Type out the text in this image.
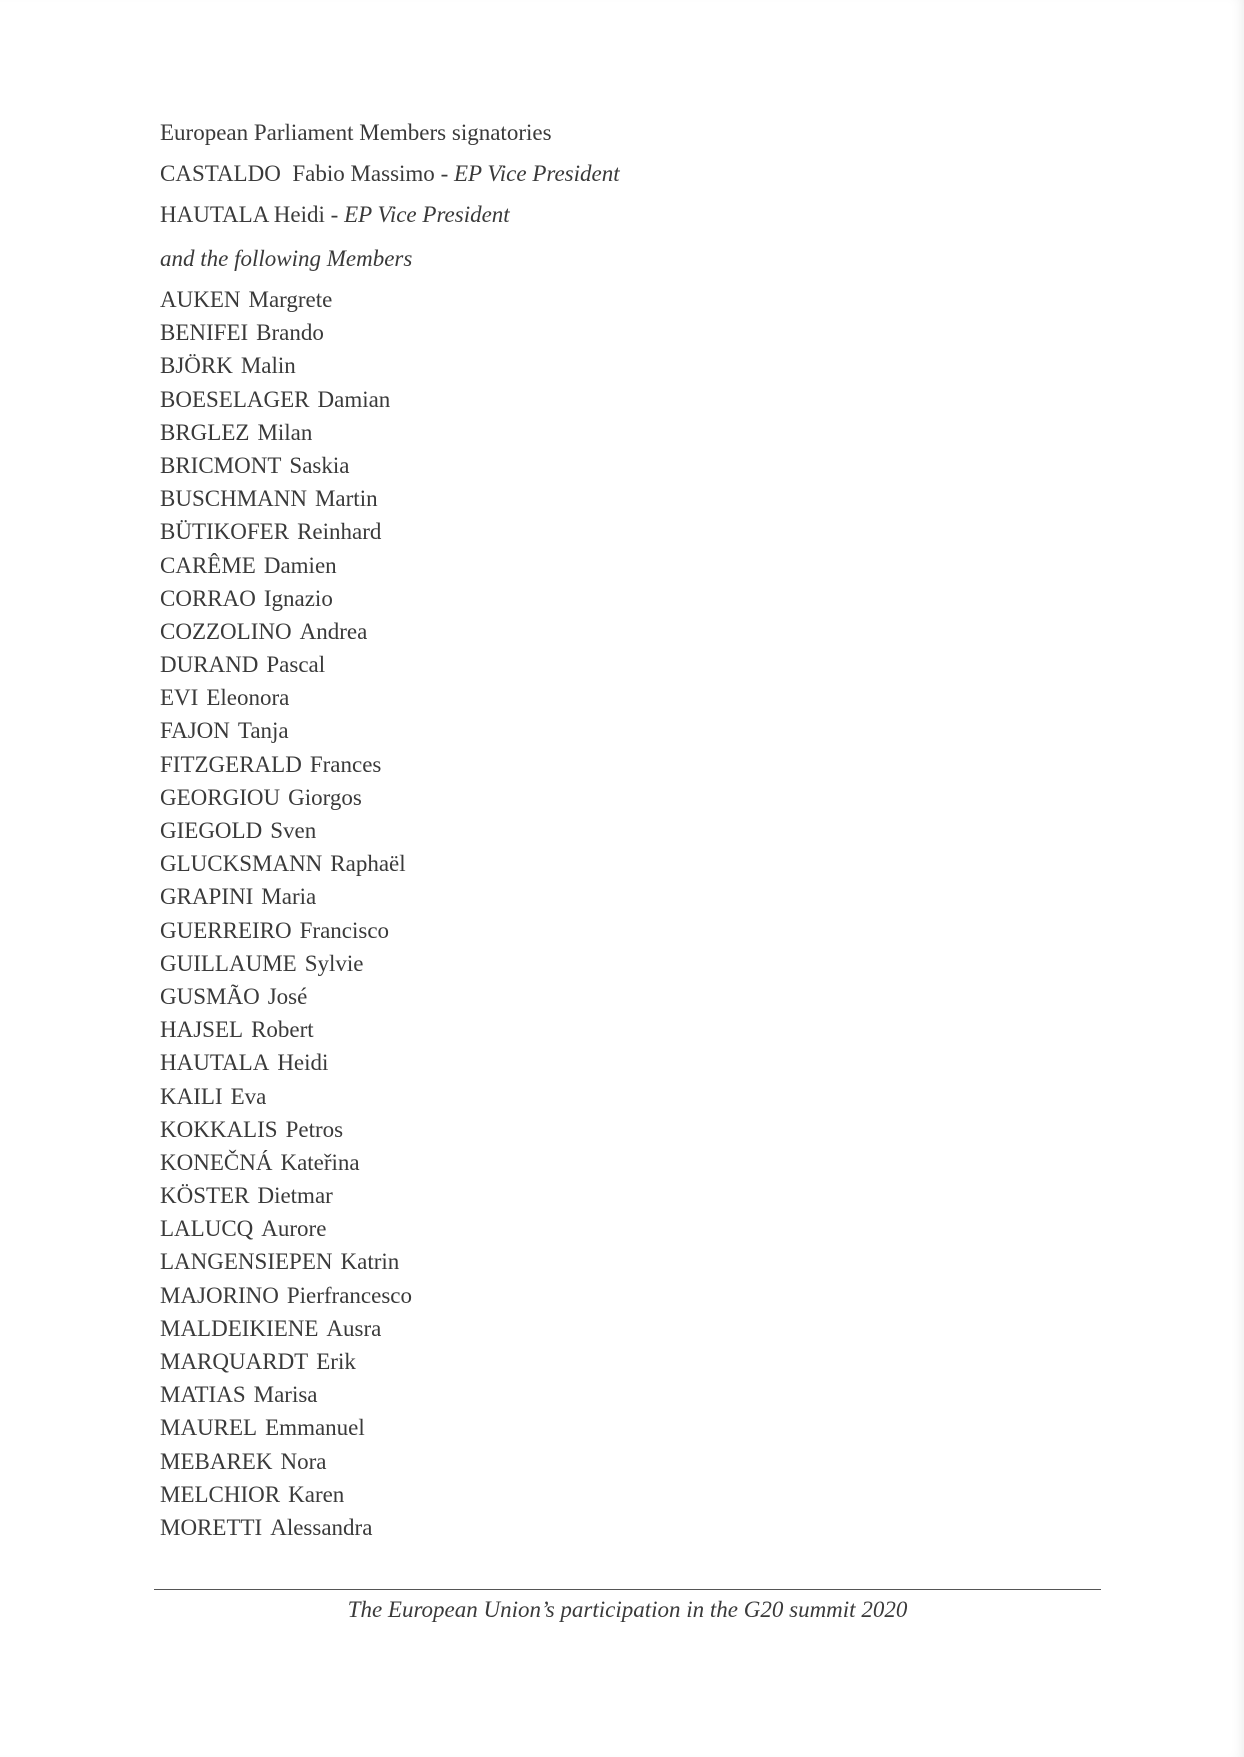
European Parliament Members signatories
CASTALDO  Fabio Massimo - EP Vice President
HAUTALA Heidi - EP Vice President
and the following Members
AUKEN Margrete
BENIFEI Brando
BJÖRK Malin
BOESELAGER Damian
BRGLEZ Milan
BRICMONT Saskia
BUSCHMANN Martin
BÜTIKOFER Reinhard
CARÊME Damien
CORRAO Ignazio
COZZOLINO Andrea
DURAND Pascal
EVI Eleonora
FAJON Tanja
FITZGERALD Frances
GEORGIOU Giorgos
GIEGOLD Sven
GLUCKSMANN Raphaël
GRAPINI Maria
GUERREIRO Francisco
GUILLAUME Sylvie
GUSMÃO José
HAJSEL Robert
HAUTALA Heidi
KAILI Eva
KOKKALIS Petros
KONEČNÁ Kateřina
KÖSTER Dietmar
LALUCQ Aurore
LANGENSIEPEN Katrin
MAJORINO Pierfrancesco
MALDEIKIENE Ausra
MARQUARDT Erik
MATIAS Marisa
MAUREL Emmanuel
MEBAREK Nora
MELCHIOR Karen
MORETTI Alessandra
The European Union’s participation in the G20 summit 2020
